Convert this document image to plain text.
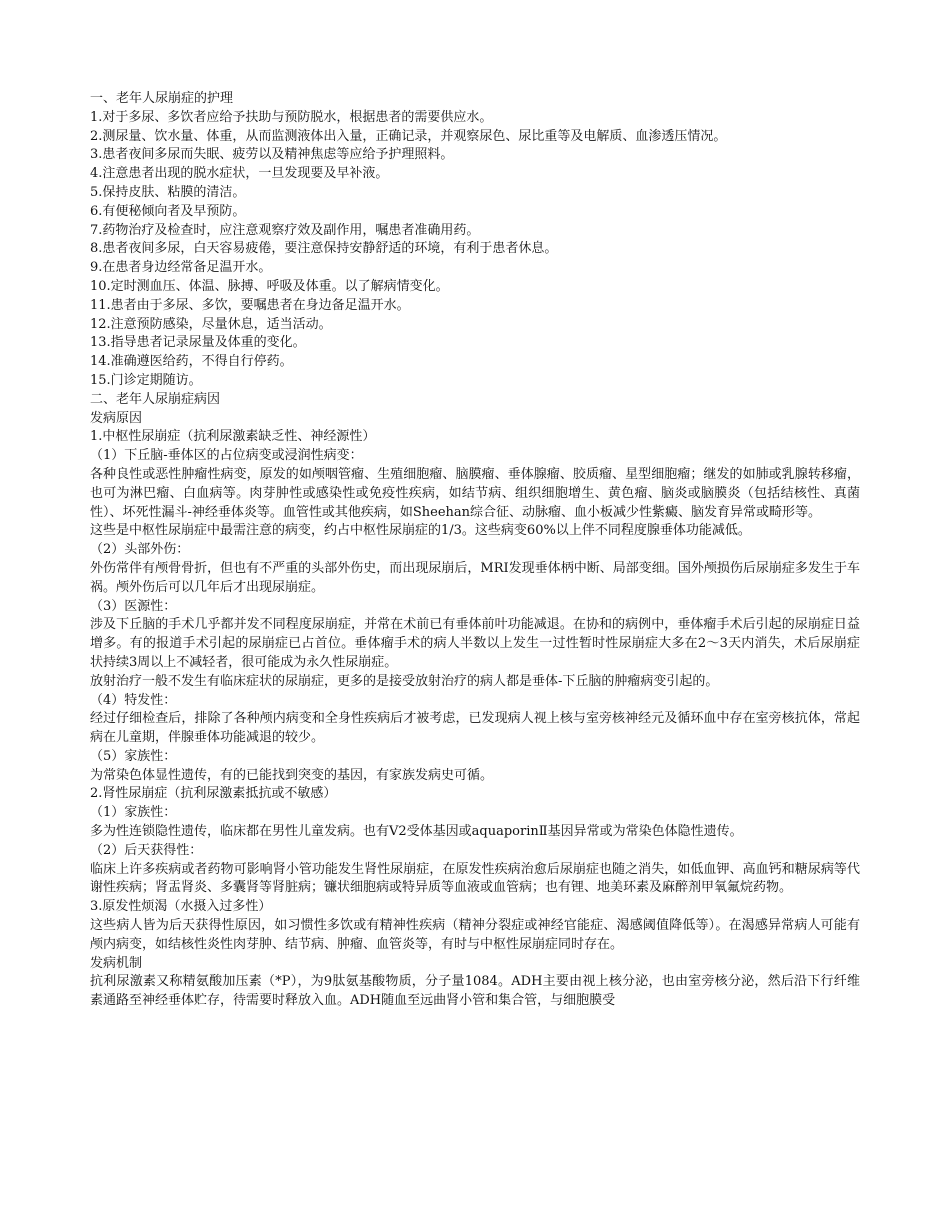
一、老年人尿崩症的护理

1.对于多尿、多饮者应给予扶助与预防脱水，根据患者的需要供应水。

2.测尿量、饮水量、体重，从而监测液体出入量，正确记录，并观察尿色、尿比重等及电解质、血渗透压情况。

3.患者夜间多尿而失眠、疲劳以及精神焦虑等应给予护理照料。

4.注意患者出现的脱水症状，一旦发现要及早补液。

5.保持皮肤、粘膜的清洁。

6.有便秘倾向者及早预防。

7.药物治疗及检查时，应注意观察疗效及副作用，嘱患者准确用药。

8.患者夜间多尿，白天容易疲倦，要注意保持安静舒适的环境，有利于患者休息。

9.在患者身边经常备足温开水。

10.定时测血压、体温、脉搏、呼吸及体重。以了解病情变化。

11.患者由于多尿、多饮，要嘱患者在身边备足温开水。

12.注意预防感染，尽量休息，适当活动。

13.指导患者记录尿量及体重的变化。

14.准确遵医给药，不得自行停药。

15.门诊定期随访。

二、老年人尿崩症病因

发病原因

1.中枢性尿崩症（抗利尿激素缺乏性、神经源性）

（1）下丘脑-垂体区的占位病变或浸润性病变：

各种良性或恶性肿瘤性病变，原发的如颅咽管瘤、生殖细胞瘤、脑膜瘤、垂体腺瘤、胶质瘤、星型细胞瘤；继发的如肺或乳腺转移瘤，也可为淋巴瘤、白血病等。肉芽肿性或感染性或免疫性疾病，如结节病、组织细胞增生、黄色瘤、脑炎或脑膜炎（包括结核性、真菌性）、坏死性漏斗-神经垂体炎等。血管性或其他疾病，如Sheehan综合征、动脉瘤、血小板减少性紫癜、脑发育异常或畸形等。

这些是中枢性尿崩症中最需注意的病变，约占中枢性尿崩症的1/3。这些病变60%以上伴不同程度腺垂体功能减低。

（2）头部外伤：

外伤常伴有颅骨骨折，但也有不严重的头部外伤史，而出现尿崩后，MRI发现垂体柄中断、局部变细。国外颅损伤后尿崩症多发生于车祸。颅外伤后可以几年后才出现尿崩症。

（3）医源性：

涉及下丘脑的手术几乎都并发不同程度尿崩症，并常在术前已有垂体前叶功能减退。在协和的病例中，垂体瘤手术后引起的尿崩症日益增多。有的报道手术引起的尿崩症已占首位。垂体瘤手术的病人半数以上发生一过性暂时性尿崩症大多在2～3天内消失，术后尿崩症状持续3周以上不减轻者，很可能成为永久性尿崩症。

放射治疗一般不发生有临床症状的尿崩症，更多的是接受放射治疗的病人都是垂体-下丘脑的肿瘤病变引起的。

（4）特发性：

经过仔细检查后，排除了各种颅内病变和全身性疾病后才被考虑，已发现病人视上核与室旁核神经元及循环血中存在室旁核抗体，常起病在儿童期，伴腺垂体功能减退的较少。

（5）家族性：

为常染色体显性遗传，有的已能找到突变的基因，有家族发病史可循。

2.肾性尿崩症（抗利尿激素抵抗或不敏感）

（1）家族性：

多为性连锁隐性遗传，临床都在男性儿童发病。也有V2受体基因或aquaporinⅡ基因异常或为常染色体隐性遗传。

（2）后天获得性：

临床上许多疾病或者药物可影响肾小管功能发生肾性尿崩症，在原发性疾病治愈后尿崩症也随之消失，如低血钾、高血钙和糖尿病等代谢性疾病；肾盂肾炎、多囊肾等肾脏病；镰状细胞病或特异质等血液或血管病；也有锂、地美环素及麻醉剂甲氧氟烷药物。

3.原发性烦渴（水摄入过多性）

这些病人皆为后天获得性原因，如习惯性多饮或有精神性疾病（精神分裂症或神经官能症、渴感阈值降低等）。在渴感异常病人可能有颅内病变，如结核性炎性肉芽肿、结节病、肿瘤、血管炎等，有时与中枢性尿崩症同时存在。

发病机制

抗利尿激素又称精氨酸加压素（*P），为9肽氨基酸物质，分子量1084。ADH主要由视上核分泌，也由室旁核分泌，然后沿下行纤维素通路至神经垂体贮存，待需要时释放入血。ADH随血至远曲肾小管和集合管，与细胞膜受
